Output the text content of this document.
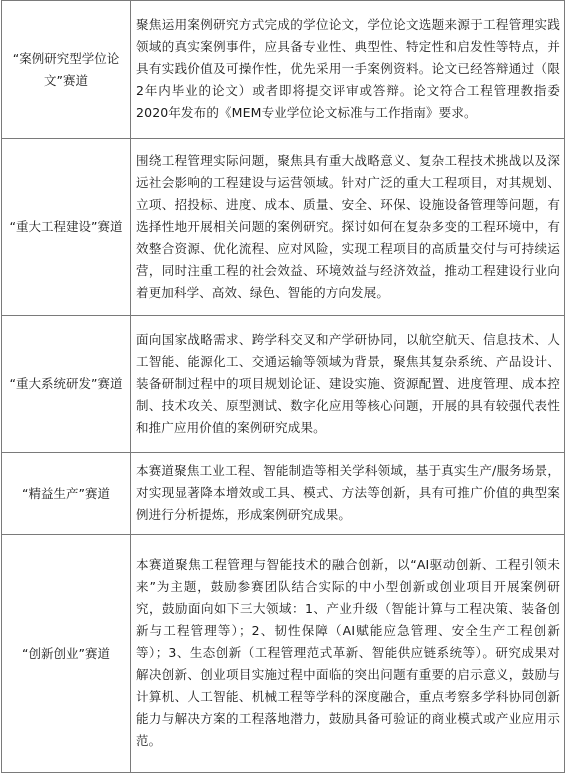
“案例研究型学位论文”赛道	聚焦运用案例研究方式完成的学位论文，学位论文选题来源于工程管理实践领域的真实案例事件，应具备专业性、典型性、特定性和启发性等特点，并具有实践价值及可操作性，优先采用一手案例资料。论文已经答辩通过（限2年内毕业的论文）或者即将提交评审或答辩。论文符合工程管理教指委2020年发布的《MEM专业学位论文标准与工作指南》要求。
“重大工程建设”赛道	围绕工程管理实际问题，聚焦具有重大战略意义、复杂工程技术挑战以及深远社会影响的工程建设与运营领域。针对广泛的重大工程项目，对其规划、立项、招投标、进度、成本、质量、安全、环保、设施设备管理等问题，有选择性地开展相关问题的案例研究。探讨如何在复杂多变的工程环境中，有效整合资源、优化流程、应对风险，实现工程项目的高质量交付与可持续运营，同时注重工程的社会效益、环境效益与经济效益，推动工程建设行业向着更加科学、高效、绿色、智能的方向发展。
“重大系统研发”赛道	面向国家战略需求、跨学科交叉和产学研协同，以航空航天、信息技术、人工智能、能源化工、交通运输等领域为背景，聚焦其复杂系统、产品设计、装备研制过程中的项目规划论证、建设实施、资源配置、进度管理、成本控制、技术攻关、原型测试、数字化应用等核心问题，开展的具有较强代表性和推广应用价值的案例研究成果。
“精益生产”赛道	本赛道聚焦工业工程、智能制造等相关学科领域，基于真实生产/服务场景，对实现显著降本增效或工具、模式、方法等创新，具有可推广价值的典型案例进行分析提炼，形成案例研究成果。
“创新创业”赛道	本赛道聚焦工程管理与智能技术的融合创新，以“AI驱动创新、工程引领未来”为主题，鼓励参赛团队结合实际的中小型创新或创业项目开展案例研究，鼓励面向如下三大领域：1、产业升级（智能计算与工程决策、装备创新与工程管理等）；2、韧性保障（AI赋能应急管理、安全生产工程创新等）；3、生态创新（工程管理范式革新、智能供应链系统等）。研究成果对解决创新、创业项目实施过程中面临的突出问题有重要的启示意义，鼓励与计算机、人工智能、机械工程等学科的深度融合，重点考察多学科协同创新能力与解决方案的工程落地潜力，鼓励具备可验证的商业模式或产业应用示范。
